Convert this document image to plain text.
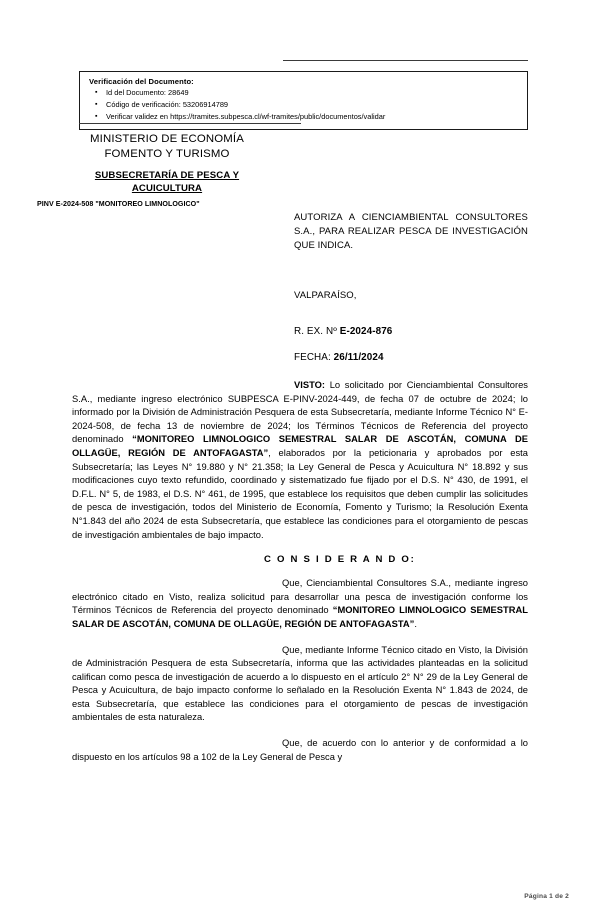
Verificación del Documento:
▪ Id del Documento: 28649
▪ Código de verificación: 53206914789
▪ Verificar validez en https://tramites.subpesca.cl/wf-tramites/public/documentos/validar
MINISTERIO DE ECONOMÍA
FOMENTO Y TURISMO
SUBSECRETARÍA DE PESCA Y
ACUICULTURA
PINV E-2024-508 "MONITOREO LIMNOLOGICO"
AUTORIZA A CIENCIAMBIENTAL CONSULTORES S.A., PARA REALIZAR PESCA DE INVESTIGACIÓN QUE INDICA.
VALPARAÍSO,
R. EX. Nº E-2024-876
FECHA: 26/11/2024

VISTO: Lo solicitado por Cienciambiental Consultores S.A., mediante ingreso electrónico SUBPESCA E-PINV-2024-449, de fecha 07 de octubre de 2024; lo informado por la División de Administración Pesquera de esta Subsecretaría, mediante Informe Técnico N° E-2024-508, de fecha 13 de noviembre de 2024; los Términos Técnicos de Referencia del proyecto denominado “MONITOREO LIMNOLOGICO SEMESTRAL SALAR DE ASCOTÁN, COMUNA DE OLLAGÜE, REGIÓN DE ANTOFAGASTA”, elaborados por la peticionaria y aprobados por esta Subsecretaría; las Leyes N° 19.880 y N° 21.358; la Ley General de Pesca y Acuicultura N° 18.892 y sus modificaciones cuyo texto refundido, coordinado y sistematizado fue fijado por el D.S. N° 430, de 1991, el D.F.L. N° 5, de 1983, el D.S. N° 461, de 1995, que establece los requisitos que deben cumplir las solicitudes de pesca de investigación, todos del Ministerio de Economía, Fomento y Turismo; la Resolución Exenta N°1.843 del año 2024 de esta Subsecretaría, que establece las condiciones para el otorgamiento de pescas de investigación ambientales de bajo impacto.

C O N S I D E R A N D O:

Que, Cienciambiental Consultores S.A., mediante ingreso electrónico citado en Visto, realiza solicitud para desarrollar una pesca de investigación conforme los Términos Técnicos de Referencia del proyecto denominado “MONITOREO LIMNOLOGICO SEMESTRAL SALAR DE ASCOTÁN, COMUNA DE OLLAGÜE, REGIÓN DE ANTOFAGASTA”.

Que, mediante Informe Técnico citado en Visto, la División de Administración Pesquera de esta Subsecretaría, informa que las actividades planteadas en la solicitud califican como pesca de investigación de acuerdo a lo dispuesto en el artículo 2° N° 29 de la Ley General de Pesca y Acuicultura, de bajo impacto conforme lo señalado en la Resolución Exenta N° 1.843 de 2024, de esta Subsecretaría, que establece las condiciones para el otorgamiento de pescas de investigación ambientales de esta naturaleza.

Que, de acuerdo con lo anterior y de conformidad a lo dispuesto en los artículos 98 a 102 de la Ley General de Pesca y

Página 1 de 2
